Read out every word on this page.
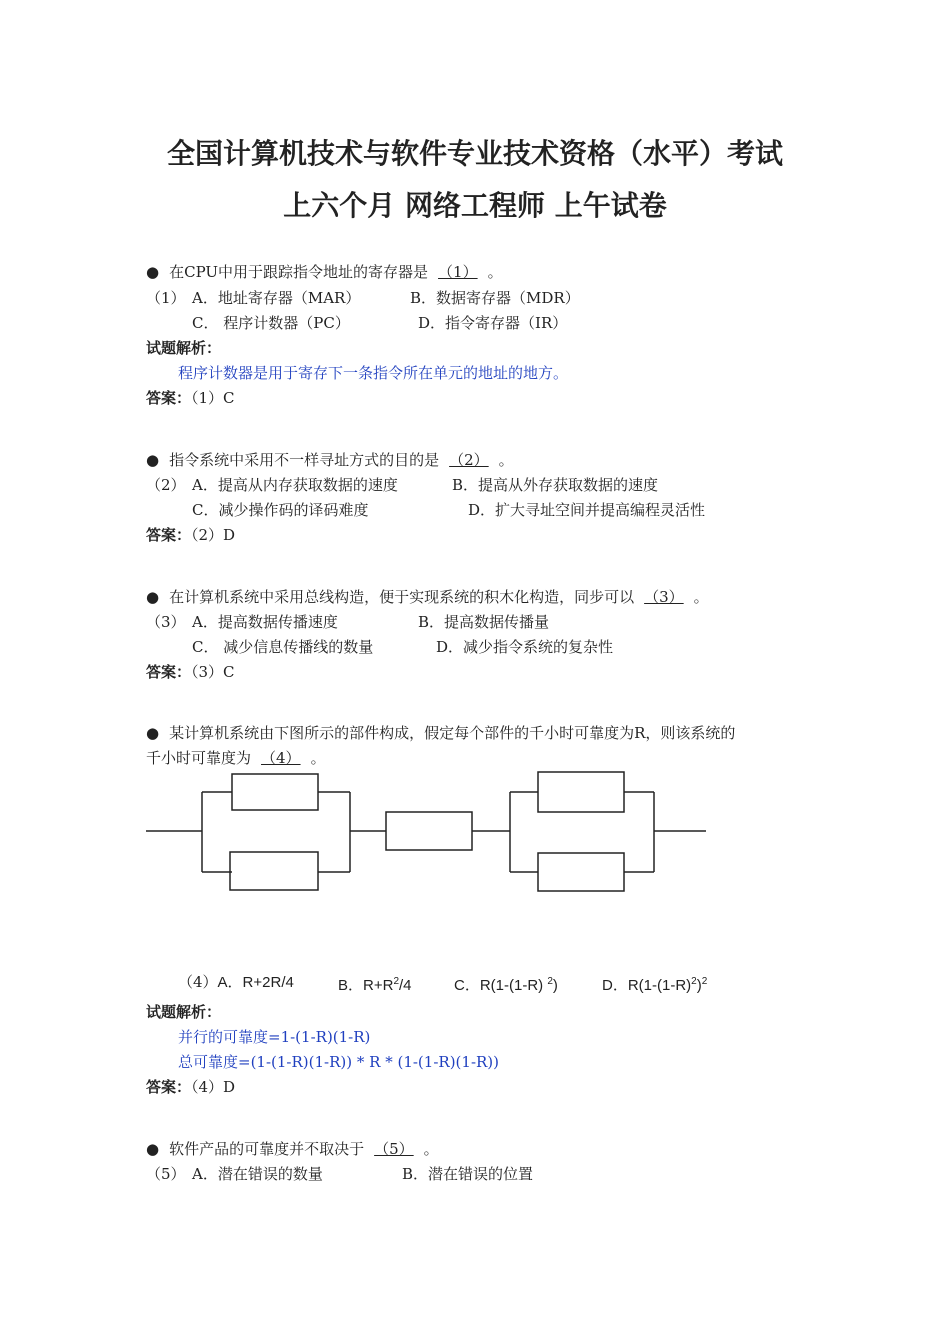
全国计算机技术与软件专业技术资格（水平）考试
上六个月 网络工程师 上午试卷
● 在CPU中用于跟踪指令地址的寄存器是 （1） 。
（1） A．地址寄存器（MAR）	B．数据寄存器（MDR）
C． 程序计数器（PC）	D．指令寄存器（IR）
试题解析：
程序计数器是用于寄存下一条指令所在单元的地址的地方。
答案：（1）C
● 指令系统中采用不一样寻址方式的目的是 （2） 。
（2） A．提高从内存获取数据的速度	B．提高从外存获取数据的速度
C．减少操作码的译码难度	D．扩大寻址空间并提高编程灵活性
答案：（2）D
● 在计算机系统中采用总线构造，便于实现系统的积木化构造，同步可以 （3） 。
（3） A．提高数据传播速度	B．提高数据传播量
C． 减少信息传播线的数量	D．减少指令系统的复杂性
答案：（3）C
● 某计算机系统由下图所示的部件构成，假定每个部件的千小时可靠度为R，则该系统的
千小时可靠度为 （4） 。
（4）A．R+2R/4	B．$R+R^2/4$	C．R(1-(1-R) $^2$)	D．$R(1-(1-R)^2)^2$
试题解析：
并行的可靠度=1-(1-R)(1-R)
总可靠度=(1-(1-R)(1-R)) * R * (1-(1-R)(1-R))
答案：（4）D
● 软件产品的可靠度并不取决于 （5） 。
（5） A．潜在错误的数量	B．潜在错误的位置
